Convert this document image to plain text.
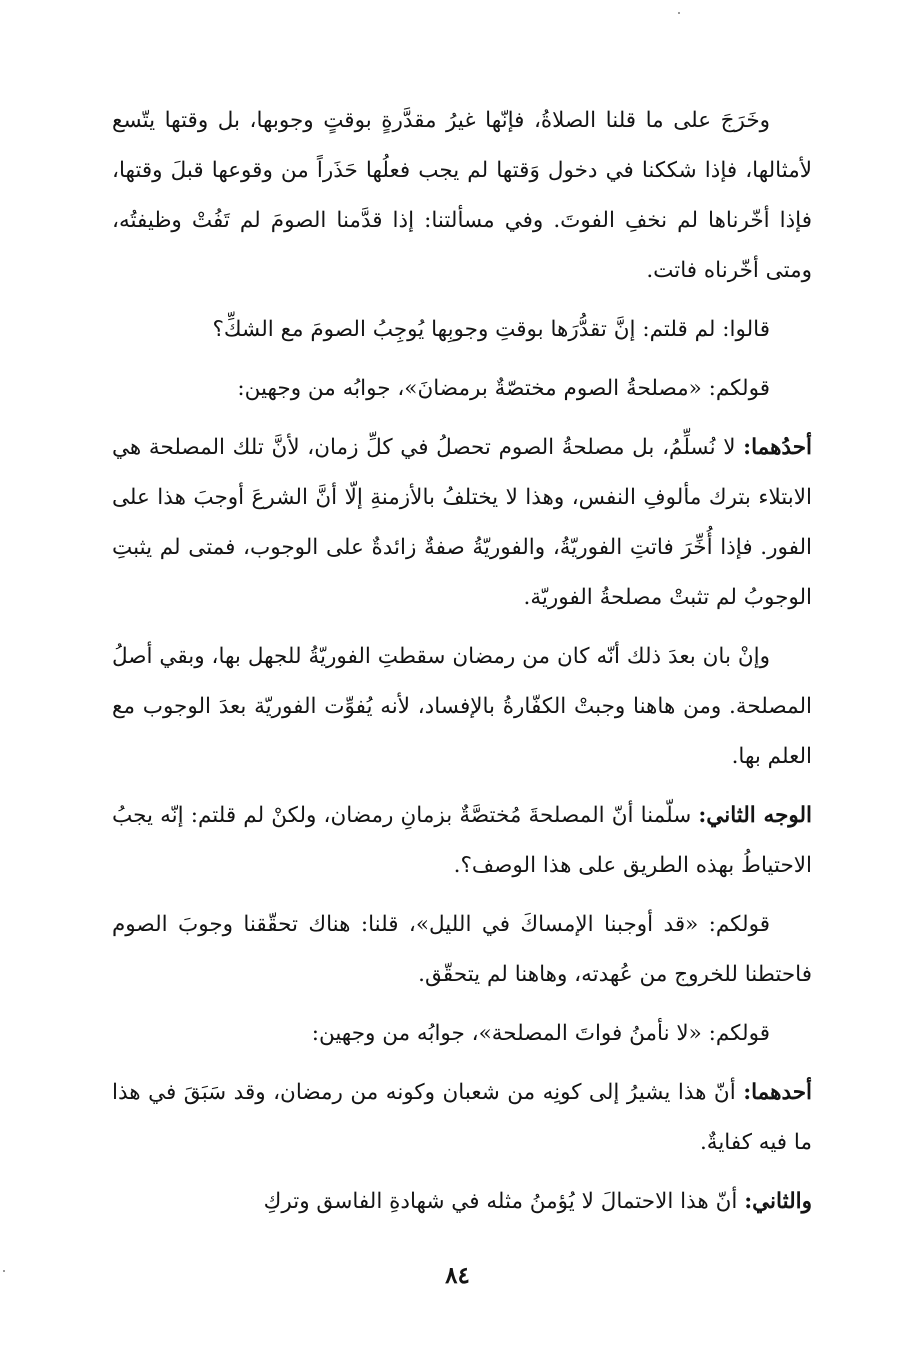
وخَرَجَ على ما قلنا الصلاةُ، فإنّها غيرُ مقدَّرةٍ بوقتٍ وجوبها، بل وقتها يتّسع لأمثالها، فإذا شككنا في دخول وَقتها لم يجب فعلُها حَذَراً من وقوعها قبلَ وقتها، فإذا أخّرناها لم نخفِ الفوتَ. وفي مسألتنا: إذا قدَّمنا الصومَ لم تَفُتْ وظيفتُه، ومتى أخّرناه فاتت.

قالوا: لم قلتم: إنَّ تقدُّرَها بوقتِ وجوبِها يُوجِبُ الصومَ مع الشكِّ؟

قولكم: «مصلحةُ الصوم مختصّةٌ برمضانَ»، جوابُه من وجهين:

أحدُهما: لا نُسلِّمُ، بل مصلحةُ الصوم تحصلُ في كلِّ زمان، لأنَّ تلك المصلحة هي الابتلاء بترك مألوفِ النفس، وهذا لا يختلفُ بالأزمنةِ إلّا أنَّ الشرعَ أوجبَ هذا على الفور. فإذا أُخِّرَ فاتتِ الفوريّةُ، والفوريّةُ صفةٌ زائدةٌ على الوجوب، فمتى لم يثبتِ الوجوبُ لم تثبتْ مصلحةُ الفوريّة.

وإنْ بان بعدَ ذلك أنّه كان من رمضان سقطتِ الفوريّةُ للجهل بها، وبقي أصلُ المصلحة. ومن هاهنا وجبتْ الكفّارةُ بالإفساد، لأنه يُفوِّت الفوريّة بعدَ الوجوب مع العلم بها.

الوجه الثاني: سلّمنا أنّ المصلحةَ مُختصَّةٌ بزمانِ رمضان، ولكنْ لم قلتم: إنّه يجبُ الاحتياطُ بهذه الطريق على هذا الوصف؟.

قولكم: «قد أوجبنا الإمساكَ في الليل»، قلنا: هناك تحقّقنا وجوبَ الصوم فاحتطنا للخروج من عُهدته، وهاهنا لم يتحقّق.

قولكم: «لا نأمنُ فواتَ المصلحة»، جوابُه من وجهين:

أحدهما: أنّ هذا يشيرُ إلى كونِه من شعبان وكونه من رمضان، وقد سَبَقَ في هذا ما فيه كفايةٌ.

والثاني: أنّ هذا الاحتمالَ لا يُؤمنُ مثله في شهادةِ الفاسق وتركِ

٨٤
